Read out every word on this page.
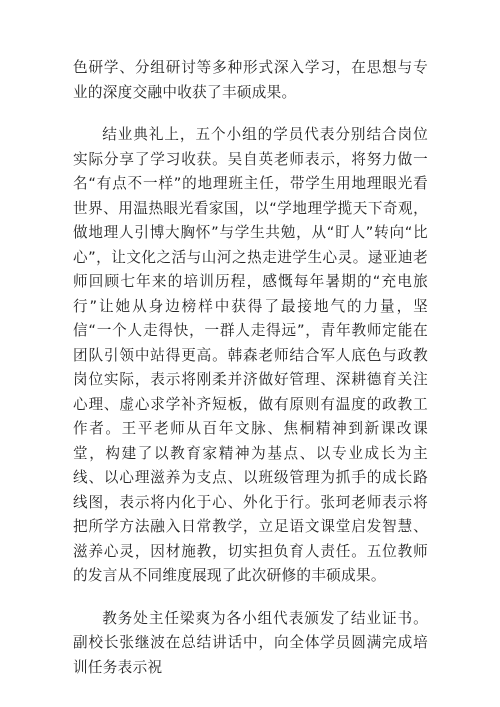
色研学、分组研讨等多种形式深入学习，在思想与专业的深度交融中收获了丰硕成果。

结业典礼上，五个小组的学员代表分别结合岗位实际分享了学习收获。吴自英老师表示，将努力做一名“有点不一样”的地理班主任，带学生用地理眼光看世界、用温热眼光看家国，以“学地理学揽天下奇观，做地理人引博大胸怀”与学生共勉，从“盯人”转向“比心”，让文化之活与山河之热走进学生心灵。逯亚迪老师回顾七年来的培训历程，感慨每年暑期的“充电旅行”让她从身边榜样中获得了最接地气的力量，坚信“一个人走得快，一群人走得远”，青年教师定能在团队引领中站得更高。韩森老师结合军人底色与政教岗位实际，表示将刚柔并济做好管理、深耕德育关注心理、虚心求学补齐短板，做有原则有温度的政教工作者。王平老师从百年文脉、焦桐精神到新课改课堂，构建了以教育家精神为基点、以专业成长为主线、以心理滋养为支点、以班级管理为抓手的成长路线图，表示将内化于心、外化于行。张珂老师表示将把所学方法融入日常教学，立足语文课堂启发智慧、滋养心灵，因材施教，切实担负育人责任。五位教师的发言从不同维度展现了此次研修的丰硕成果。

教务处主任梁爽为各小组代表颁发了结业证书。副校长张继波在总结讲话中，向全体学员圆满完成培训任务表示祝
